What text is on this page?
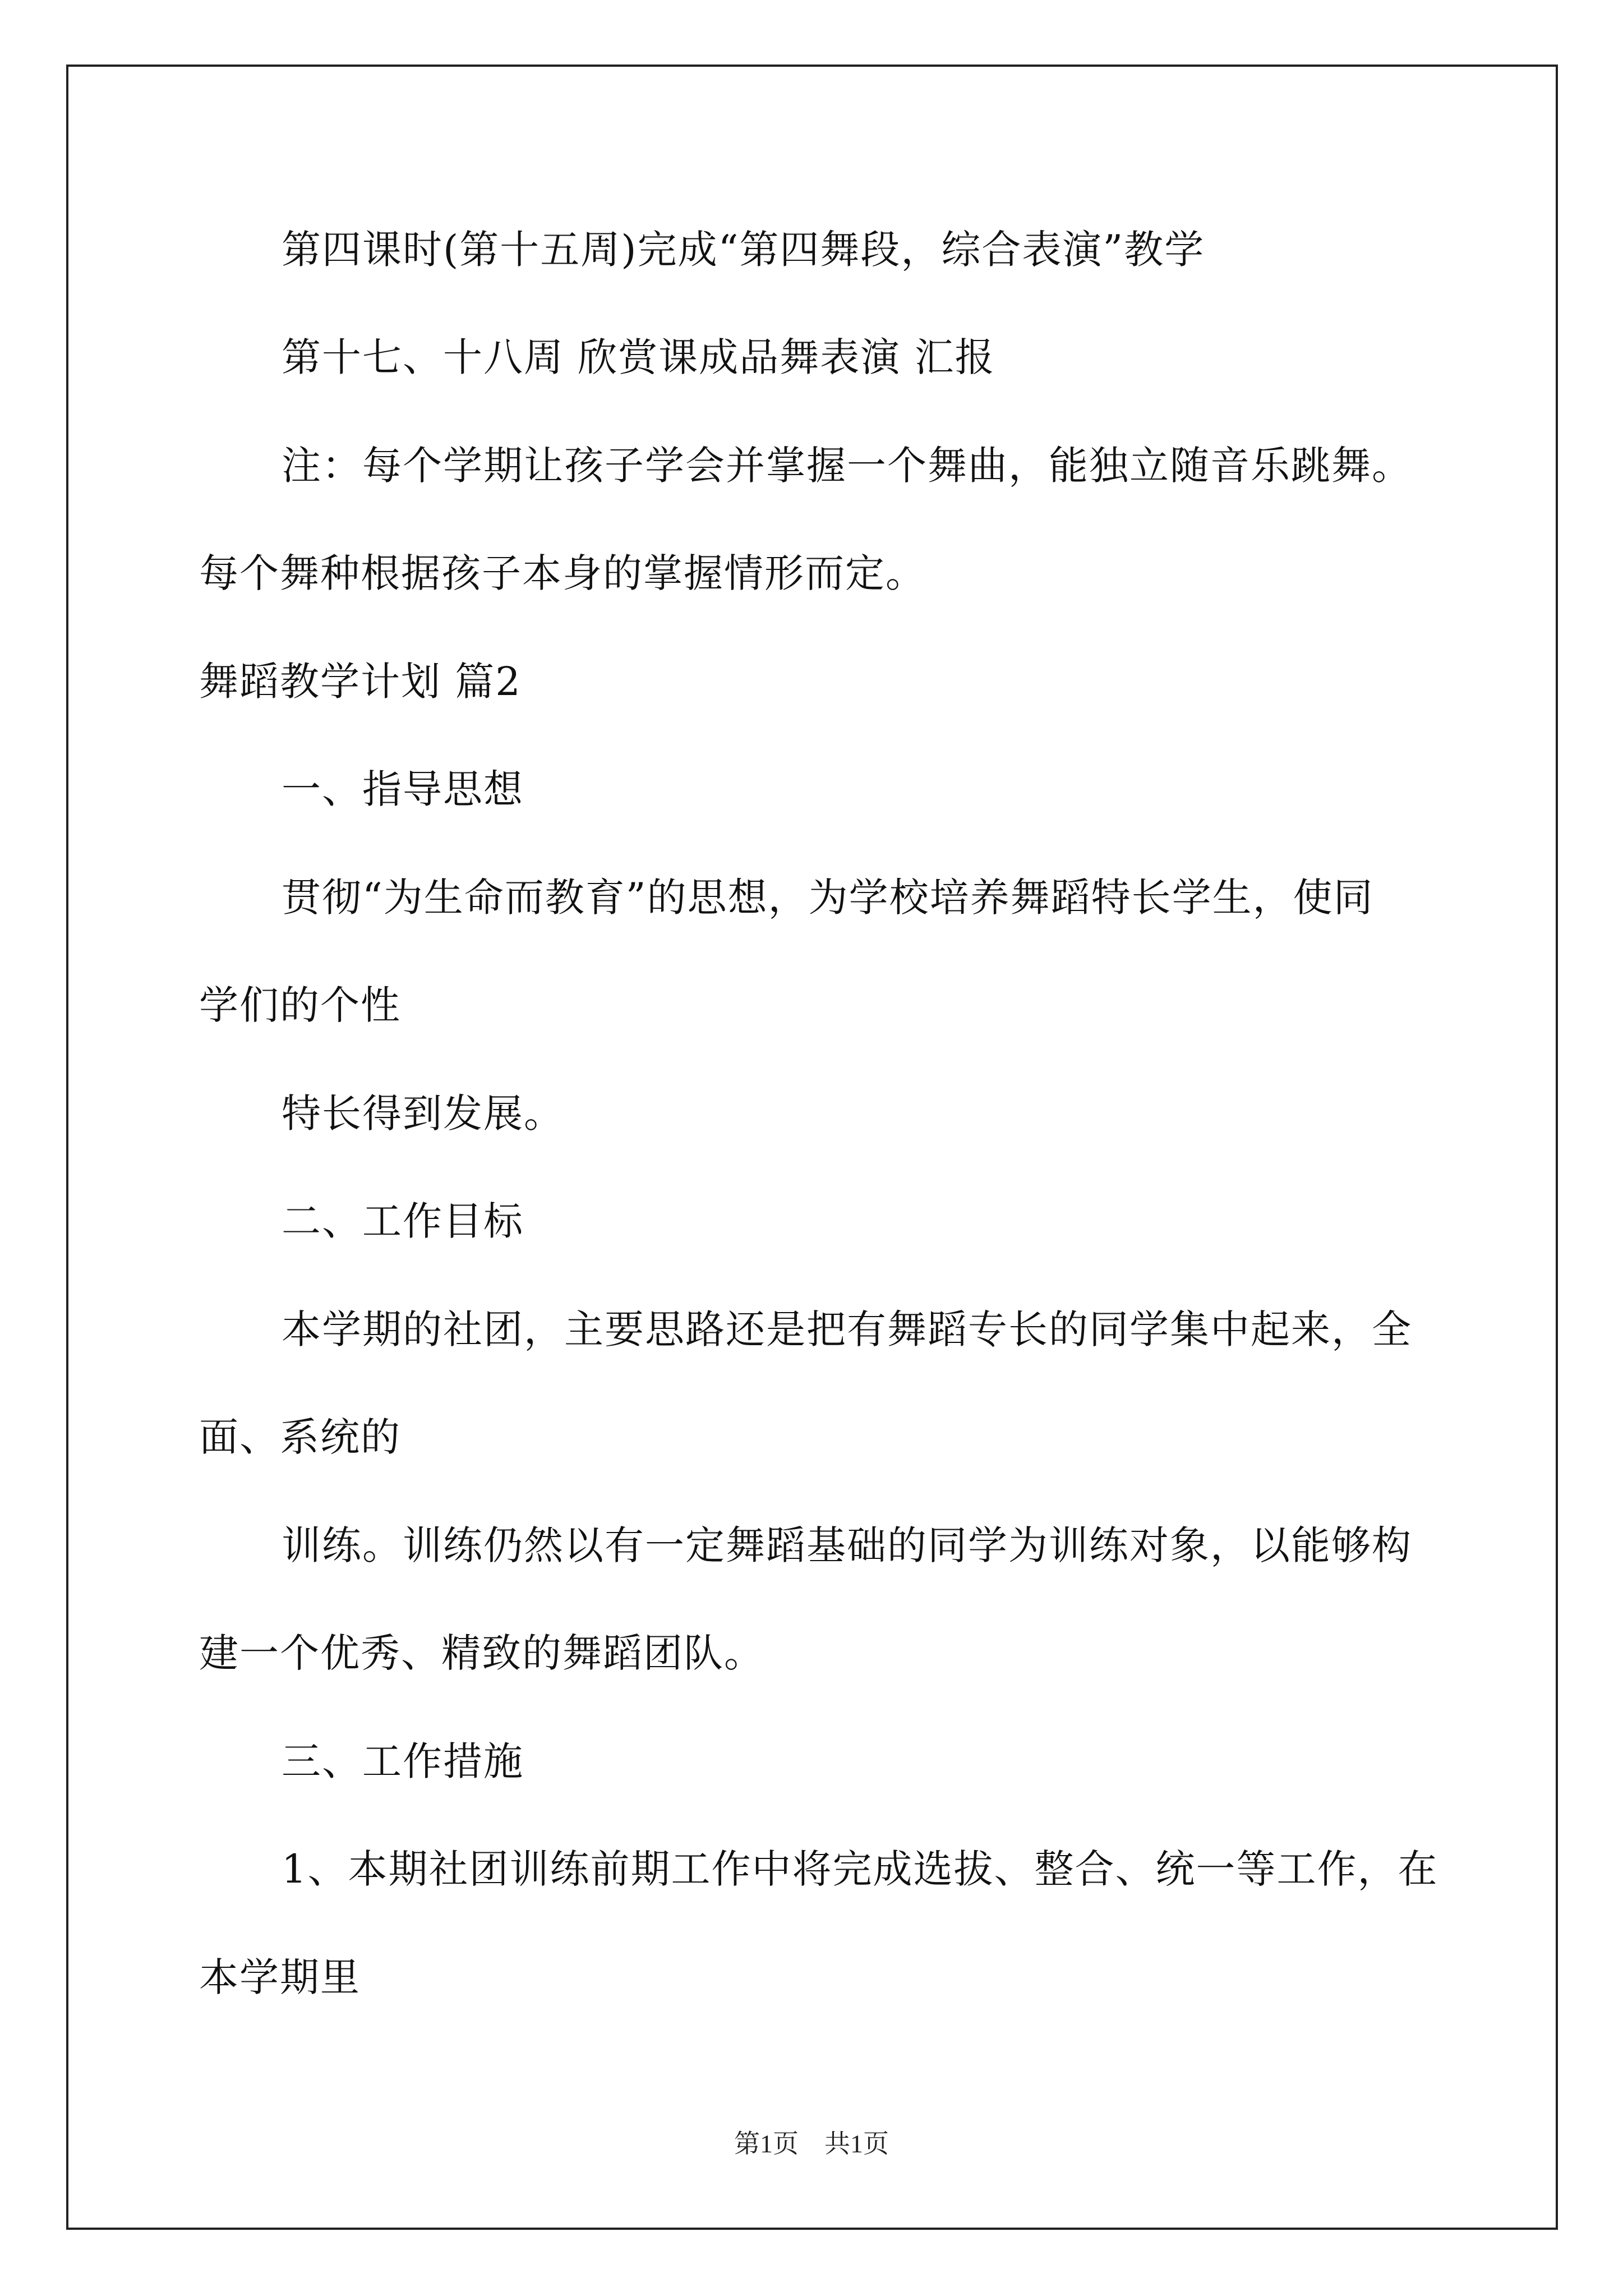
第四课时(第十五周)完成“第四舞段，综合表演”教学
第十七、十八周 欣赏课成品舞表演 汇报
注：每个学期让孩子学会并掌握一个舞曲，能独立随音乐跳舞。
每个舞种根据孩子本身的掌握情形而定。
舞蹈教学计划 篇2
一、指导思想
贯彻“为生命而教育”的思想，为学校培养舞蹈特长学生，使同
学们的个性
特长得到发展。
二、工作目标
本学期的社团，主要思路还是把有舞蹈专长的同学集中起来，全
面、系统的
训练。训练仍然以有一定舞蹈基础的同学为训练对象，以能够构
建一个优秀、精致的舞蹈团队。
三、工作措施
1、本期社团训练前期工作中将完成选拔、整合、统一等工作，在
本学期里
第1页　共1页
